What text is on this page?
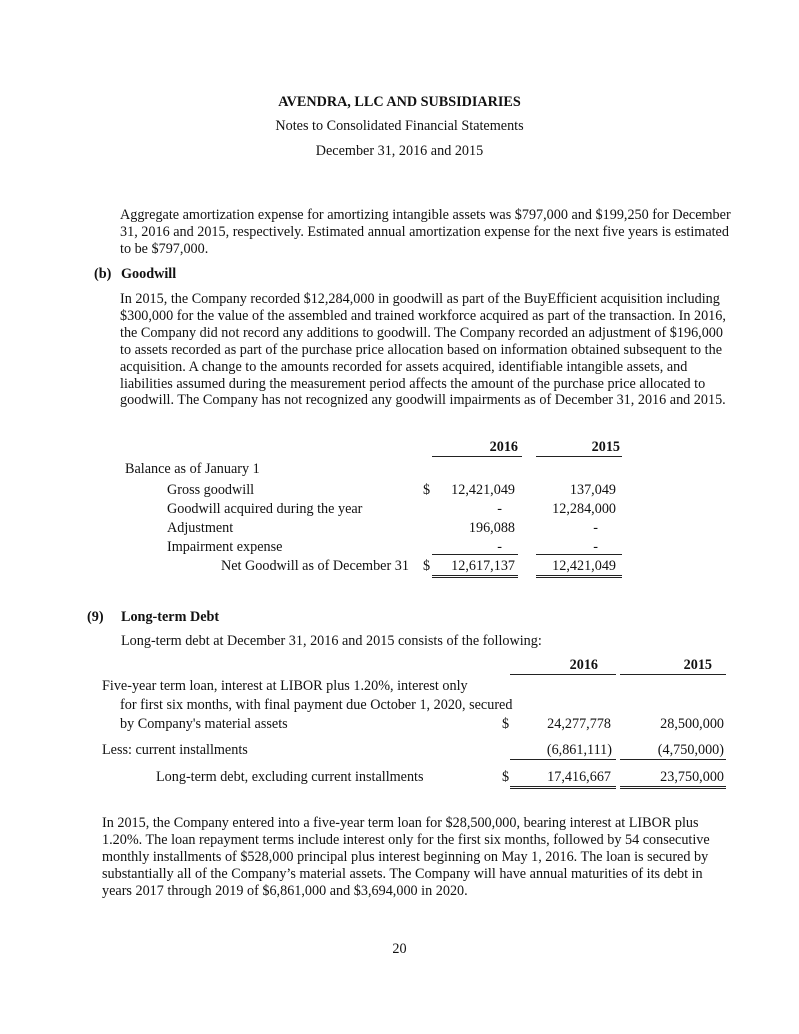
AVENDRA, LLC AND SUBSIDIARIES
Notes to Consolidated Financial Statements
December 31, 2016 and 2015
Aggregate amortization expense for amortizing intangible assets was $797,000 and $199,250 for December 31, 2016 and 2015, respectively. Estimated annual amortization expense for the next five years is estimated to be $797,000.
(b) Goodwill
In 2015, the Company recorded $12,284,000 in goodwill as part of the BuyEfficient acquisition including $300,000 for the value of the assembled and trained workforce acquired as part of the transaction. In 2016, the Company did not record any additions to goodwill. The Company recorded an adjustment of $196,000 to assets recorded as part of the purchase price allocation based on information obtained subsequent to the acquisition. A change to the amounts recorded for assets acquired, identifiable intangible assets, and liabilities assumed during the measurement period affects the amount of the purchase price allocated to goodwill. The Company has not recognized any goodwill impairments as of December 31, 2016 and 2015.
2016	2015
Balance as of January 1
Gross goodwill	$	12,421,049	137,049
Goodwill acquired during the year	-	12,284,000
Adjustment	196,088	-
Impairment expense	-	-
Net Goodwill as of December 31 $	12,617,137	12,421,049
(9) Long-term Debt
Long-term debt at December 31, 2016 and 2015 consists of the following:
2016	2015
Five-year term loan, interest at LIBOR plus 1.20%, interest only
for first six months, with final payment due October 1, 2020, secured
by Company's material assets	$	24,277,778	28,500,000
Less: current installments	(6,861,111)	(4,750,000)
Long-term debt, excluding current installments	$	17,416,667	23,750,000
In 2015, the Company entered into a five-year term loan for $28,500,000, bearing interest at LIBOR plus 1.20%. The loan repayment terms include interest only for the first six months, followed by 54 consecutive monthly installments of $528,000 principal plus interest beginning on May 1, 2016. The loan is secured by substantially all of the Company’s material assets. The Company will have annual maturities of its debt in years 2017 through 2019 of $6,861,000 and $3,694,000 in 2020.
20
